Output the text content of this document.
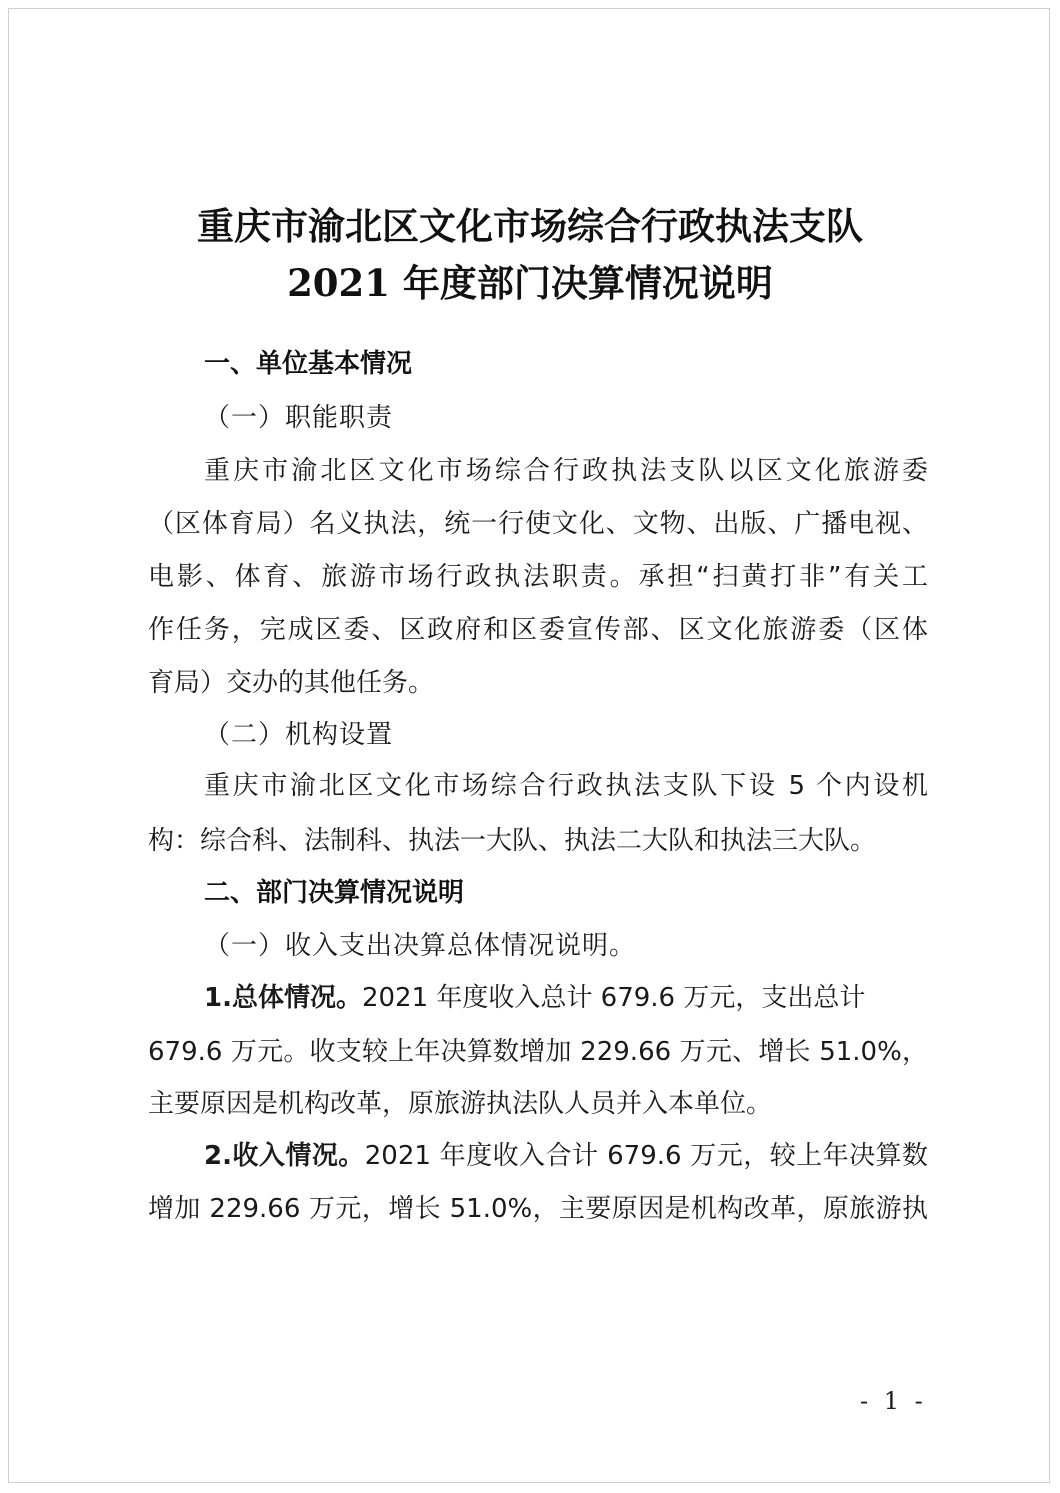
重庆市渝北区文化市场综合行政执法支队
2021 年度部门决算情况说明
一、单位基本情况
（一）职能职责
重庆市渝北区文化市场综合行政执法支队以区文化旅游委
（区体育局）名义执法，统一行使文化、文物、出版、广播电视、
电影、体育、旅游市场行政执法职责。承担“扫黄打非”有关工
作任务，完成区委、区政府和区委宣传部、区文化旅游委（区体
育局）交办的其他任务。
（二）机构设置
重庆市渝北区文化市场综合行政执法支队下设 5 个内设机
构：综合科、法制科、执法一大队、执法二大队和执法三大队。
二、部门决算情况说明
（一）收入支出决算总体情况说明。
1.总体情况。2021 年度收入总计 679.6 万元，支出总计
679.6 万元。收支较上年决算数增加 229.66 万元、增长 51.0%，
主要原因是机构改革，原旅游执法队人员并入本单位。
2.收入情况。2021 年度收入合计 679.6 万元，较上年决算数
增加 229.66 万元，增长 51.0%，主要原因是机构改革，原旅游执
- 1 -
